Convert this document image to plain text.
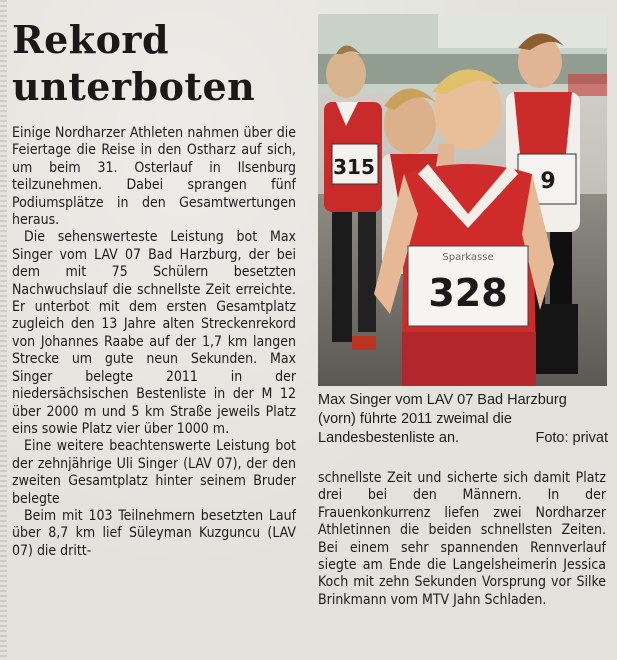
Rekord
unterboten

Einige Nordharzer Athleten nahmen über die Feiertage die Reise in den Ostharz auf sich, um beim 31. Osterlauf in Ilsenburg teilzunehmen. Dabei sprangen fünf Podiumsplätze in den Gesamtwertungen heraus.

Die sehenswerteste Leistung bot Max Singer vom LAV 07 Bad Harzburg, der bei dem mit 75 Schülern besetzten Nachwuchslauf die schnellste Zeit erreichte. Er unterbot mit dem ersten Gesamtplatz zugleich den 13 Jahre alten Streckenrekord von Johannes Raabe auf der 1,7 km langen Strecke um gute neun Sekunden. Max Singer belegte 2011 in der niedersächsischen Bestenliste in der M 12 über 2000 m und 5 km Straße jeweils Platz eins sowie Platz vier über 1000 m.

Eine weitere beachtenswerte Leistung bot der zehnjährige Uli Singer (LAV 07), der den zweiten Gesamtplatz hinter seinem Bruder belegte

Beim mit 103 Teilnehmern besetzten Lauf über 8,7 km lief Süleyman Kuzguncu (LAV 07) die dritt-

315
9
Sparkasse
328
Max Singer vom LAV 07 Bad Harzburg (vorn) führte 2011 zweimal die Landesbestenliste an.	Foto: privat

schnellste Zeit und sicherte sich damit Platz drei bei den Männern. In der Frauenkonkurrenz liefen zwei Nordharzer Athletinnen die beiden schnellsten Zeiten. Bei einem sehr spannenden Rennverlauf siegte am Ende die Langelsheimerin Jessica Koch mit zehn Sekunden Vorsprung vor Silke Brinkmann vom MTV Jahn Schladen.
